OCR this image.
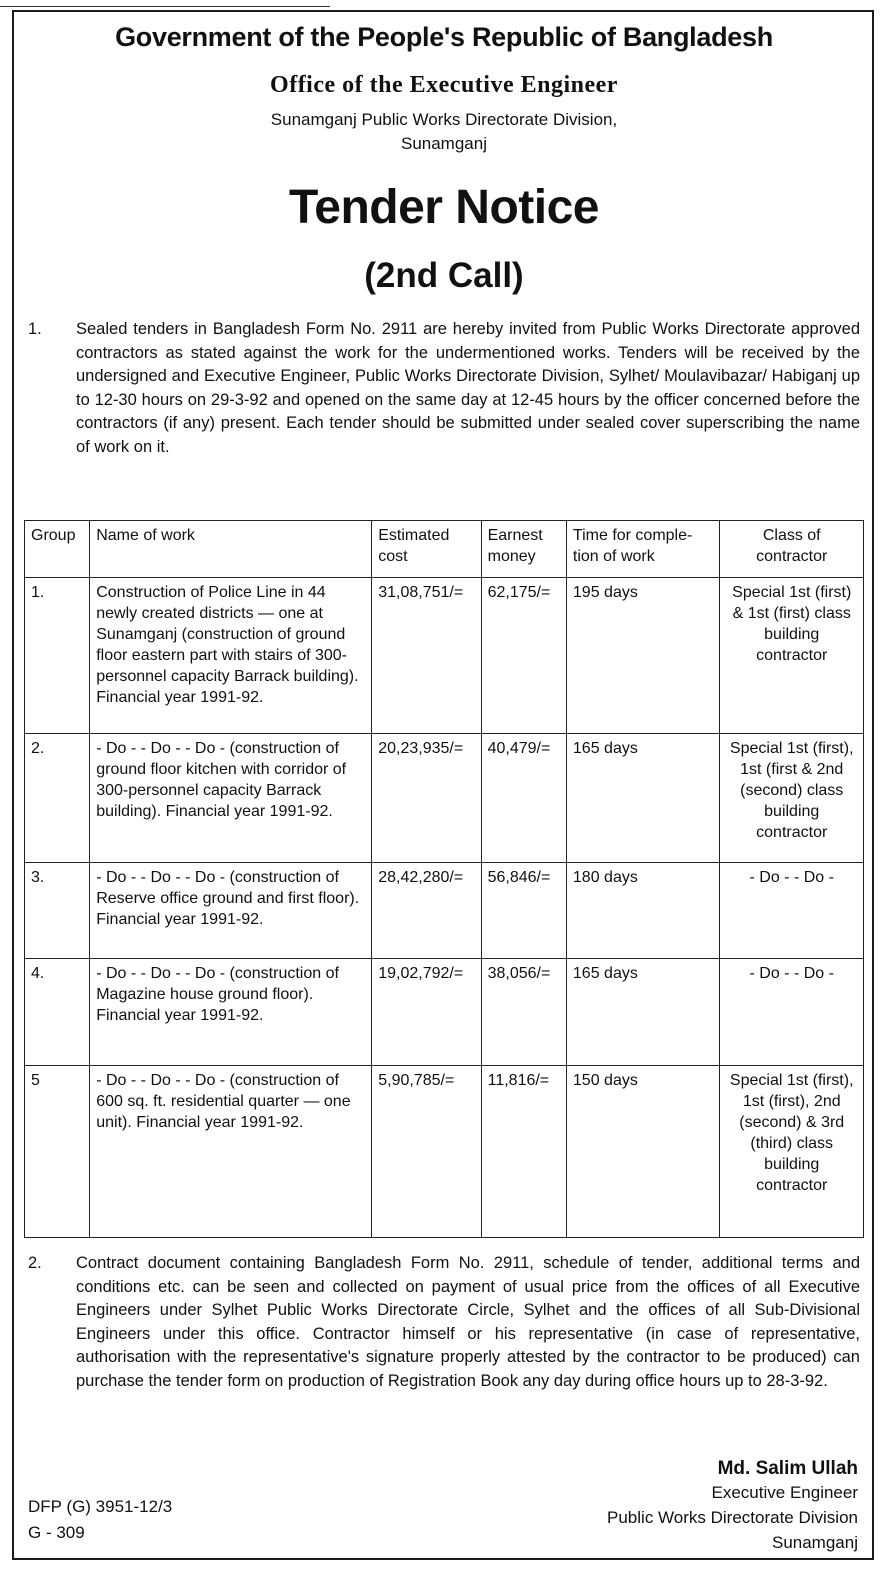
Government of the People's Republic of Bangladesh
Office of the Executive Engineer
Sunamganj Public Works Directorate Division,
Sunamganj
Tender Notice
(2nd Call)
1.	Sealed tenders in Bangladesh Form No. 2911 are hereby invited from Public Works Directorate approved contractors as stated against the work for the undermentioned works. Tenders will be received by the undersigned and Executive Engineer, Public Works Directorate Division, Sylhet/ Moulavibazar/ Habiganj up to 12-30 hours on 29-3-92 and opened on the same day at 12-45 hours by the officer concerned before the contractors (if any) present. Each tender should be submitted under sealed cover superscribing the name of work on it.
Group	Name of work	Estimated cost	Earnest money	Time for comple-tion of work	Class of contractor
1.	Construction of Police Line in 44 newly created districts — one at Sunamganj (construction of ground floor eastern part with stairs of 300-personnel capacity Barrack building). Financial year 1991-92.	31,08,751/=	62,175/=	195 days	Special 1st (first) & 1st (first) class building contractor
2.	- Do - - Do - - Do - (construction of ground floor kitchen with corridor of 300-personnel capacity Barrack building). Financial year 1991-92.	20,23,935/=	40,479/=	165 days	Special 1st (first), 1st (first & 2nd (second) class building contractor
3.	- Do - - Do - - Do - (construction of Reserve office ground and first floor). Financial year 1991-92.	28,42,280/=	56,846/=	180 days	- Do - - Do -
4.	- Do - - Do - - Do - (construction of Magazine house ground floor). Financial year 1991-92.	19,02,792/=	38,056/=	165 days	- Do - - Do -
5	- Do - - Do - - Do - (construction of 600 sq. ft. residential quarter — one unit). Financial year 1991-92.	5,90,785/=	11,816/=	150 days	Special 1st (first), 1st (first), 2nd (second) & 3rd (third) class building contractor
2.	Contract document containing Bangladesh Form No. 2911, schedule of tender, additional terms and conditions etc. can be seen and collected on payment of usual price from the offices of all Executive Engineers under Sylhet Public Works Directorate Circle, Sylhet and the offices of all Sub-Divisional Engineers under this office. Contractor himself or his representative (in case of representative, authorisation with the representative's signature properly attested by the contractor to be produced) can purchase the tender form on production of Registration Book any day during office hours up to 28-3-92.
Md. Salim Ullah
Executive Engineer
Public Works Directorate Division
Sunamganj
DFP (G) 3951-12/3
G - 309
